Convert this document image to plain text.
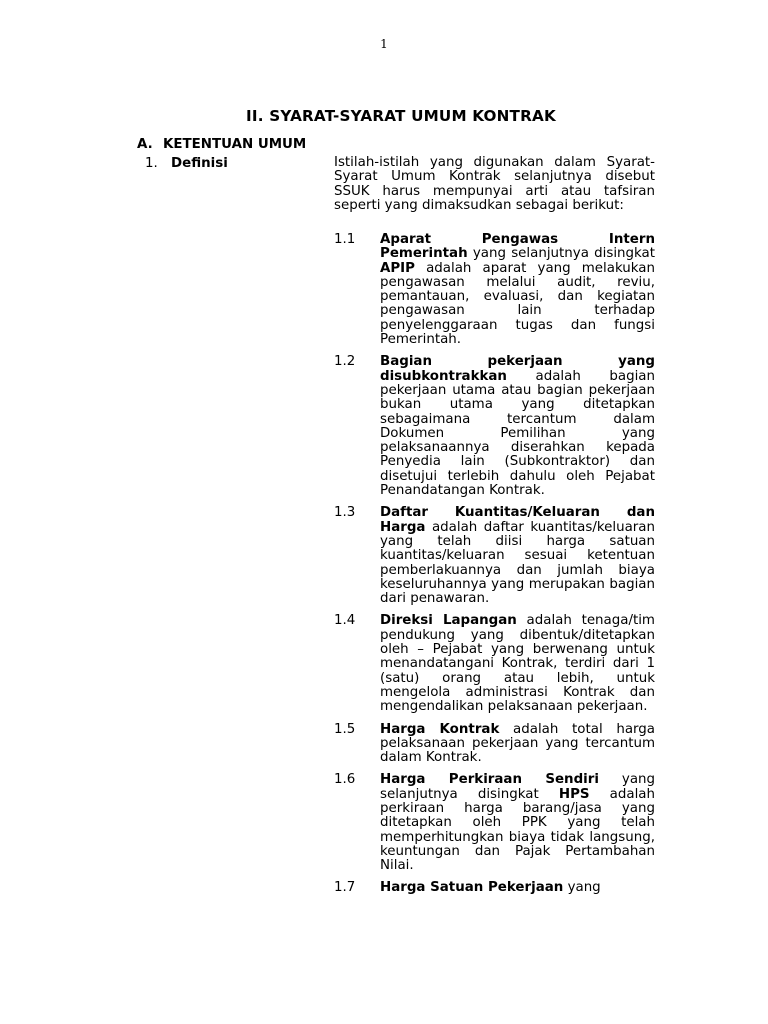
1
II. SYARAT-SYARAT UMUM KONTRAK
A. KETENTUAN UMUM
1. Definisi	Istilah-istilah yang digunakan dalam Syarat-Syarat Umum Kontrak selanjutnya disebut SSUK harus mempunyai arti atau tafsiran seperti yang dimaksudkan sebagai berikut:
1.1	Aparat Pengawas Intern Pemerintah yang selanjutnya disingkat APIP adalah aparat yang melakukan pengawasan melalui audit, reviu, pemantauan, evaluasi, dan kegiatan pengawasan lain terhadap penyelenggaraan tugas dan fungsi Pemerintah.
1.2	Bagian pekerjaan yang disubkontrakkan adalah bagian pekerjaan utama atau bagian pekerjaan bukan utama yang ditetapkan sebagaimana tercantum dalam Dokumen Pemilihan yang pelaksanaannya diserahkan kepada Penyedia lain (Subkontraktor) dan disetujui terlebih dahulu oleh Pejabat Penandatangan Kontrak.
1.3	Daftar Kuantitas/Keluaran dan Harga adalah daftar kuantitas/keluaran yang telah diisi harga satuan kuantitas/keluaran sesuai ketentuan pemberlakuannya dan jumlah biaya keseluruhannya yang merupakan bagian dari penawaran.
1.4	Direksi Lapangan adalah tenaga/tim pendukung yang dibentuk/ditetapkan oleh – Pejabat yang berwenang untuk menandatangani Kontrak, terdiri dari 1 (satu) orang atau lebih, untuk mengelola administrasi Kontrak dan mengendalikan pelaksanaan pekerjaan.
1.5	Harga Kontrak adalah total harga pelaksanaan pekerjaan yang tercantum dalam Kontrak.
1.6	Harga Perkiraan Sendiri yang selanjutnya disingkat HPS adalah perkiraan harga barang/jasa yang ditetapkan oleh PPK yang telah memperhitungkan biaya tidak langsung, keuntungan dan Pajak Pertambahan Nilai.
1.7	Harga Satuan Pekerjaan yang
